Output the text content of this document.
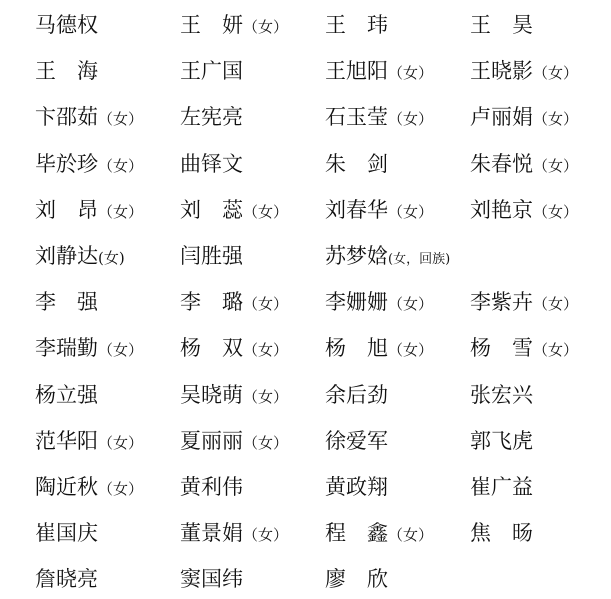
马德权	王　妍（女） 王　玮	王　昊
王　海	王广国	王旭阳（女） 王晓影（女）
卞邵茹（女） 左宪亮	石玉莹（女） 卢丽娟（女）
毕於珍（女） 曲铎文	朱　剑	朱春悦（女）
刘　昂（女） 刘　蕊（女） 刘春华（女） 刘艳京（女）
刘静达(女)	闫胜强	苏梦娢(女，回族)
李　强	李　璐（女） 李姗姗（女） 李紫卉（女）
李瑞勤（女） 杨　双（女） 杨　旭（女） 杨　雪（女）
杨立强	吴晓萌（女） 余后劲	张宏兴
范华阳（女） 夏丽丽（女） 徐爱军	郭飞虎
陶近秋（女） 黄利伟	黄政翔	崔广益
崔国庆	董景娟（女） 程　鑫（女） 焦　旸
詹晓亮	窦国纬	廖　欣
